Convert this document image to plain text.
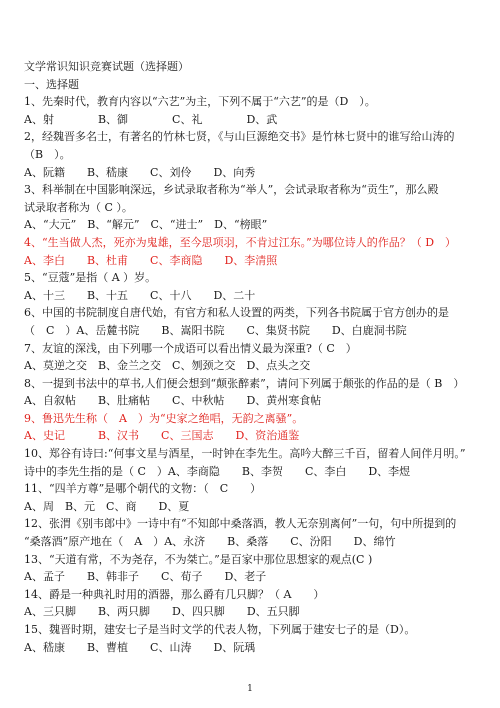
文学常识知识竞赛试题（选择题）
一、选择题
1、先秦时代，教育内容以“六艺”为主，下列不属于“六艺”的是（D　）。
A、射　　　　B、御　　　　C、礼　　　　D、武
2，经魏晋多名士，有著名的竹林七贤，《与山巨源绝交书》是竹林七贤中的谁写给山涛的
（B　）。
A、阮籍　　B、嵇康　　C、刘伶　　D、向秀
3、科举制在中国影响深远，乡试录取者称为“举人”，会试录取者称为“贡生”，那么殿
试录取者称为（ C ）。
A、“大元”　B、“解元”　C、“进士”　D、“榜眼”
4、“生当做人杰，死亦为鬼雄，至今思项羽，不肯过江东。”为哪位诗人的作品？（ D　）
A、李白　　B、杜甫　　C、李商隐　　D、李清照
5、“豆蔻”是指（ A ）岁。
A、十三　　B、十五　　C、十八　　D、二十
6、中国的书院制度自唐代始，有官方和私人设置的两类，下列各书院属于官方创办的是
（　C　）A、岳麓书院　　B、嵩阳书院　　C、集贤书院　　D、白鹿洞书院
7、友谊的深浅，由下列哪一个成语可以看出情义最为深重?（ C　）
A、莫逆之交　B、金兰之交　C、刎颈之交　D、点头之交
8、一提到书法中的草书,人们便会想到“颠张醉素”，请问下列属于颠张的作品的是（ B　）
A、自叙帖　　B、肚痛帖　　C、中秋帖　　D、黄州寒食帖
9、鲁迅先生称（　A　）为“史家之绝唱，无韵之离骚”。
A、史记　　　B、汉书　　C、三国志　　D、资治通鉴
10、郑谷有诗曰:“何事文星与酒星，一时钟在李先生。高吟大醉三千百，留着人间伴月明。”
诗中的李先生指的是（ C　）A、李商隐　　B、李贺　　C、李白　　D、李煜
11、“四羊方尊”是哪个朝代的文物：（　C　　）
A、周　B、元　C、商　　D、夏
12、张渭《别韦郎中》一诗中有“不知郎中桑落酒，教人无奈别离何”一句，句中所提到的
“桑落酒”原产地在（　A　）A、永济　　B、桑落　　C、汾阳　　D、绵竹
13、“天道有常，不为尧存，不为桀亡。”是百家中那位思想家的观点(C )
A、孟子　　B、韩非子　　C、荀子　　D、老子
14、爵是一种典礼时用的酒器，那么爵有几只脚？（ A　　）
A、三只脚　　B、两只脚　　D、四只脚　　D、五只脚
15、魏晋时期，建安七子是当时文学的代表人物，下列属于建安七子的是（D）。
A、嵇康　　B、曹植　　C、山涛　　D、阮瑀
1
